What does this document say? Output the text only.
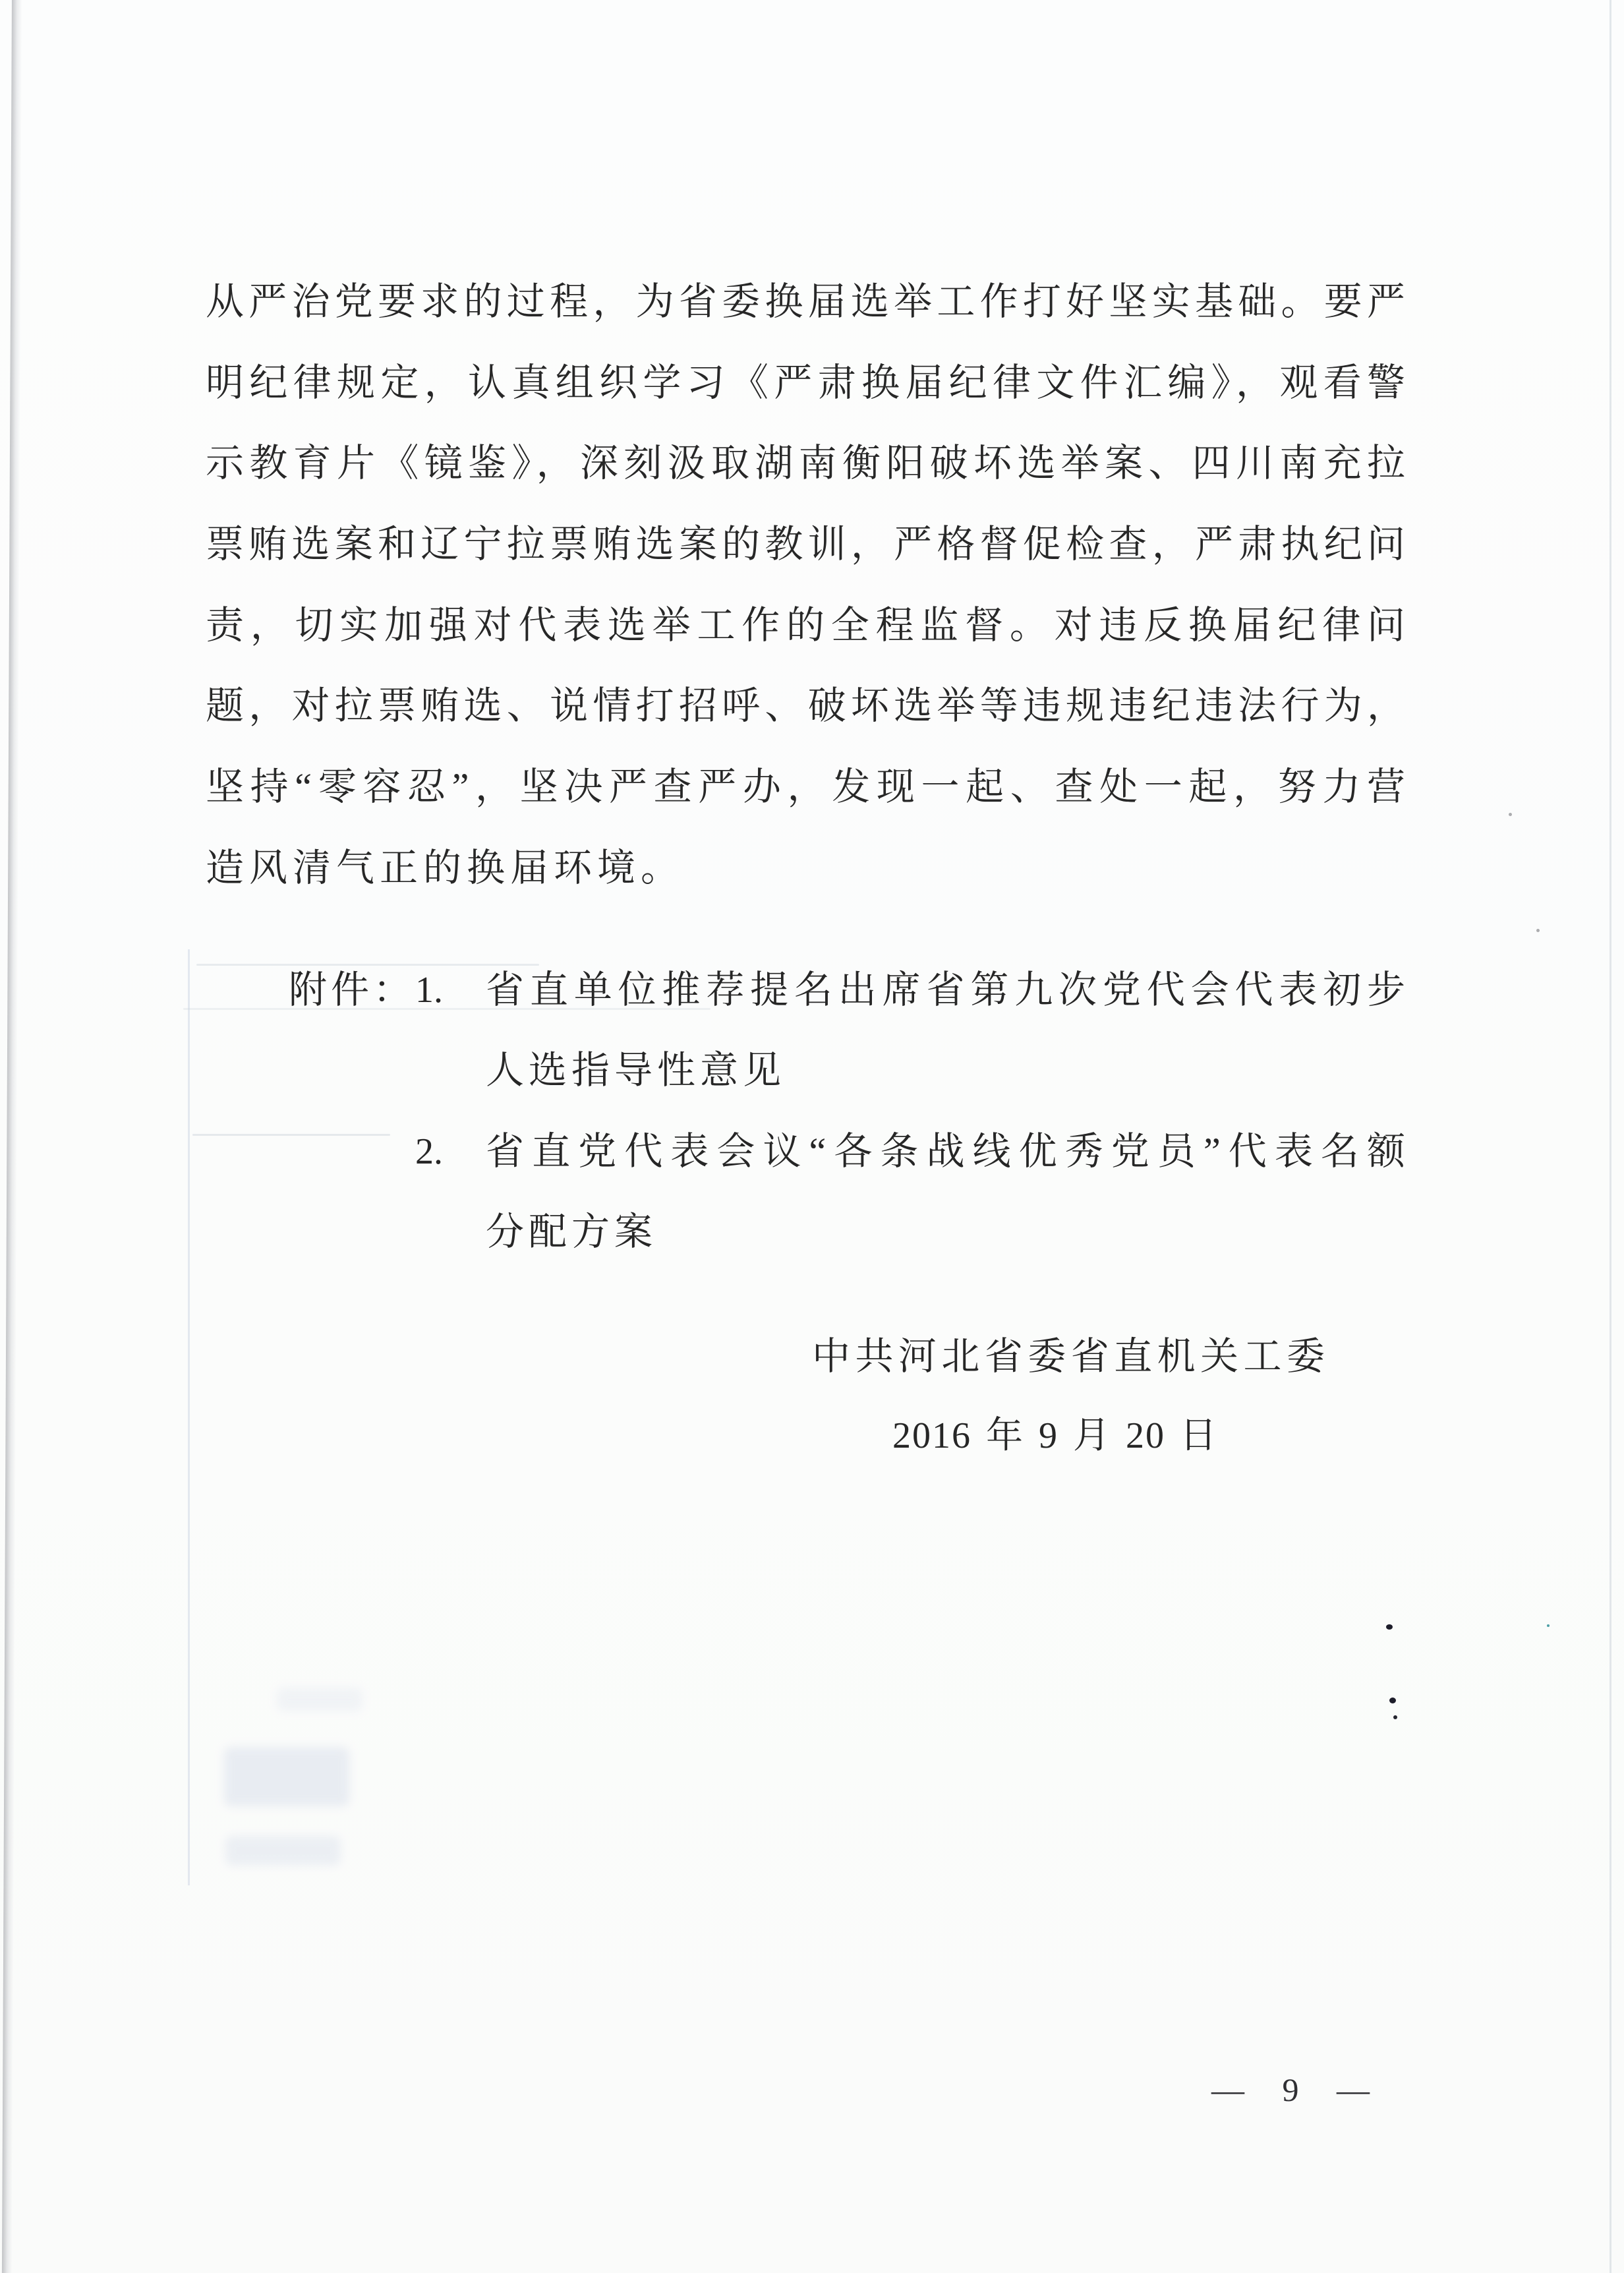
从严治党要求的过程，为省委换届选举工作打好坚实基础。要严
明纪律规定，认真组织学习《严肃换届纪律文件汇编》，观看警
示教育片《镜鉴》，深刻汲取湖南衡阳破坏选举案、四川南充拉
票贿选案和辽宁拉票贿选案的教训，严格督促检查，严肃执纪问
责，切实加强对代表选举工作的全程监督。对违反换届纪律问
题，对拉票贿选、说情打招呼、破坏选举等违规违纪违法行为，
坚持“零容忍”，坚决严查严办，发现一起、查处一起，努力营
造风清气正的换届环境。
附件： 1. 省直单位推荐提名出席省第九次党代会代表初步
人选指导性意见
2. 省直党代表会议“各条战线优秀党员”代表名额
分配方案
中共河北省委省直机关工委
2016 年 9 月 20 日
— 9 —
